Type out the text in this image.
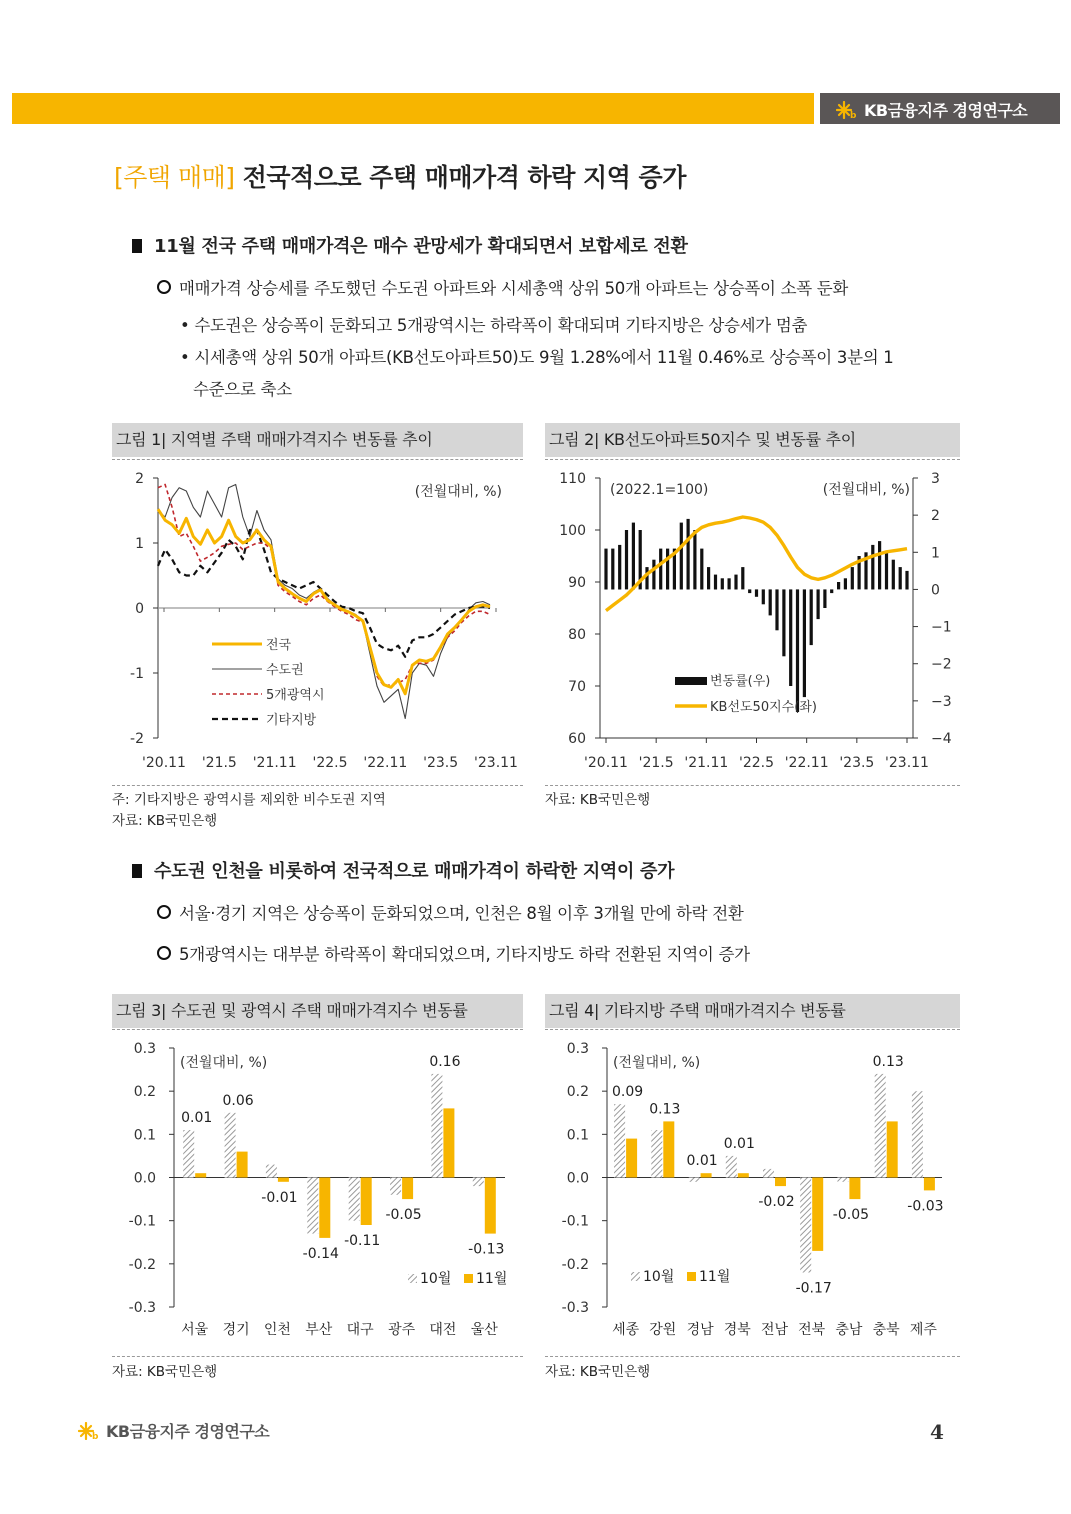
b KB금융지주 경영연구소
[주택 매매] 전국적으로 주택 매매가격 하락 지역 증가
11월 전국 주택 매매가격은 매수 관망세가 확대되면서 보합세로 전환
매매가격 상승세를 주도했던 수도권 아파트와 시세총액 상위 50개 아파트는 상승폭이 소폭 둔화
• 수도권은 상승폭이 둔화되고 5개광역시는 하락폭이 확대되며 기타지방은 상승세가 멈춤
• 시세총액 상위 50개 아파트(KB선도아파트50)도 9월 1.28%에서 11월 0.46%로 상승폭이 3분의 1
수준으로 축소
그림 1| 지역별 주택 매매가격지수 변동률 추이
2
1
0
-1
-2
'20.11 '21.5 '21.11 '22.5 '22.11 '23.5 '23.11
(전월대비, %)
전국
수도권
5개광역시
기타지방
주: 기타지방은 광역시를 제외한 비수도권 지역
자료: KB국민은행
그림 2| KB선도아파트50지수 및 변동률 추이
110
100
90
80
70
60
3
2
1
0
−1
−2
−3
−4
'20.11 '21.5 '21.11 '22.5 '22.11 '23.5 '23.11
(2022.1=100)	(전월대비, %)
변동률(우)
KB선도50지수(좌)
자료: KB국민은행
수도권 인천을 비롯하여 전국적으로 매매가격이 하락한 지역이 증가
서울·경기 지역은 상승폭이 둔화되었으며, 인천은 8월 이후 3개월 만에 하락 전환
5개광역시는 대부분 하락폭이 확대되었으며, 기타지방도 하락 전환된 지역이 증가
그림 3| 수도권 및 광역시 주택 매매가격지수 변동률
0.3
0.2
0.1
0.0
-0.1
-0.2
-0.3
(전월대비, %)
0.01
서울
0.06
경기
-0.01
인천
-0.14
부산
-0.11
대구
-0.05
광주
0.16
대전
-0.13
울산
10월 11월
자료: KB국민은행
그림 4| 기타지방 주택 매매가격지수 변동률
0.3
0.2
0.1
0.0
-0.1
-0.2
-0.3
(전월대비, %)
0.09
세종
0.13
강원
0.01
경남
0.01
경북
-0.02
전남
-0.17
전북
-0.05
충남
0.13
충북
-0.03
제주
10월 11월
자료: KB국민은행
b KB금융지주 경영연구소	4
